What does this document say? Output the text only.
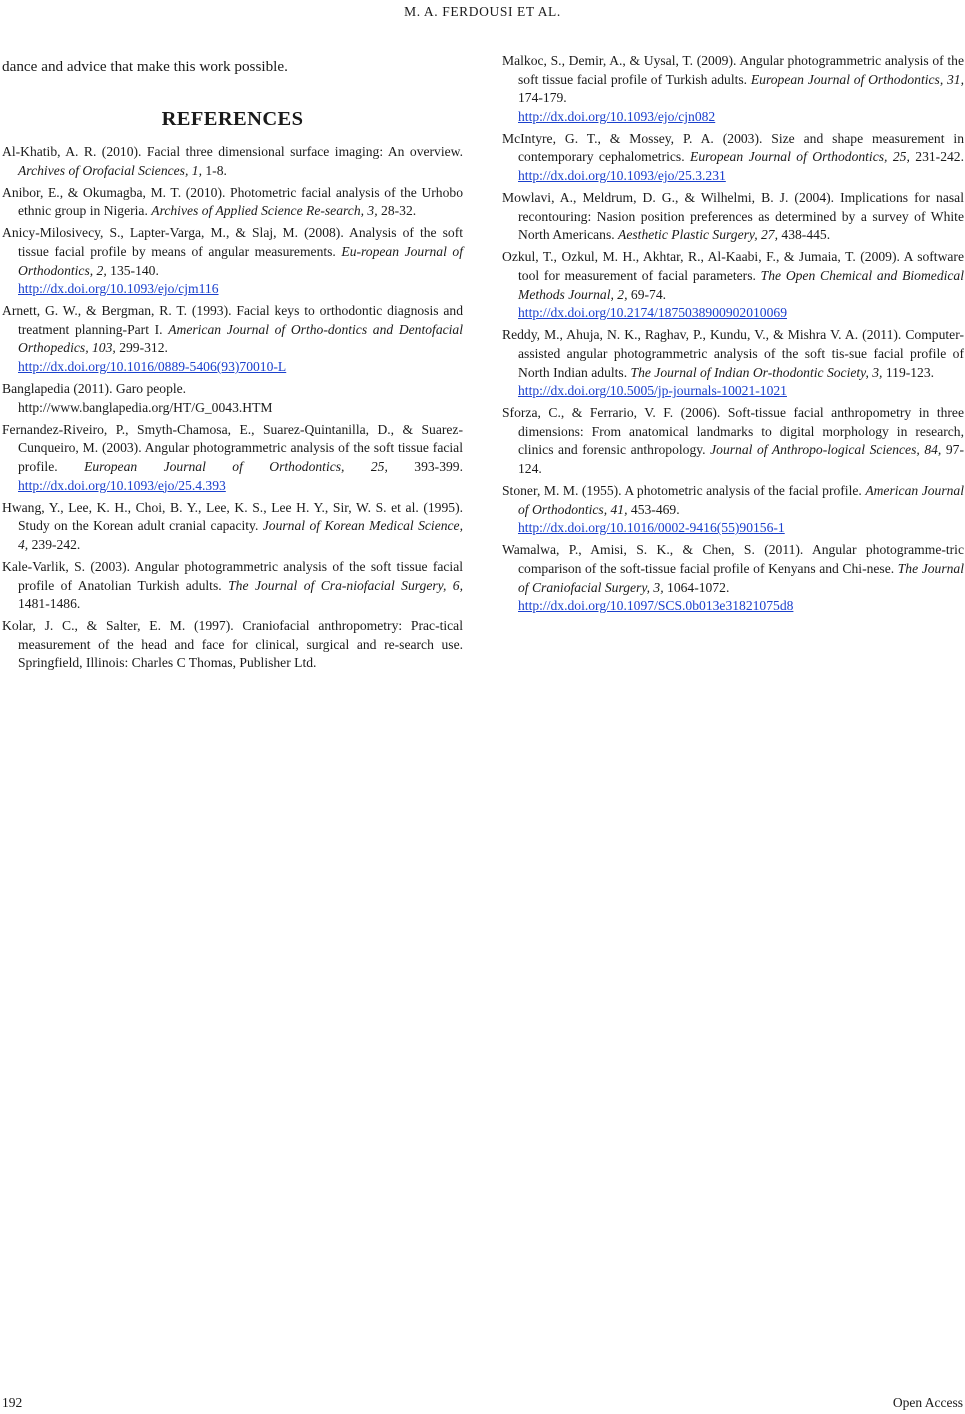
M. A. FERDOUSI ET AL.
dance and advice that make this work possible.
REFERENCES
Al-Khatib, A. R. (2010). Facial three dimensional surface imaging: An overview. Archives of Orofacial Sciences, 1, 1-8.
Anibor, E., & Okumagba, M. T. (2010). Photometric facial analysis of the Urhobo ethnic group in Nigeria. Archives of Applied Science Re-search, 3, 28-32.
Anicy-Milosivecy, S., Lapter-Varga, M., & Slaj, M. (2008). Analysis of the soft tissue facial profile by means of angular measurements. Eu-ropean Journal of Orthodontics, 2, 135-140.
http://dx.doi.org/10.1093/ejo/cjm116
Arnett, G. W., & Bergman, R. T. (1993). Facial keys to orthodontic diagnosis and treatment planning-Part I. American Journal of Ortho-dontics and Dentofacial Orthopedics, 103, 299-312.
http://dx.doi.org/10.1016/0889-5406(93)70010-L
Banglapedia (2011). Garo people.
http://www.banglapedia.org/HT/G_0043.HTM
Fernandez-Riveiro, P., Smyth-Chamosa, E., Suarez-Quintanilla, D., & Suarez-Cunqueiro, M. (2003). Angular photogrammetric analysis of the soft tissue facial profile. European Journal of Orthodontics, 25, 393-399. http://dx.doi.org/10.1093/ejo/25.4.393
Hwang, Y., Lee, K. H., Choi, B. Y., Lee, K. S., Lee H. Y., Sir, W. S. et al. (1995). Study on the Korean adult cranial capacity. Journal of Korean Medical Science, 4, 239-242.
Kale-Varlik, S. (2003). Angular photogrammetric analysis of the soft tissue facial profile of Anatolian Turkish adults. The Journal of Cra-niofacial Surgery, 6, 1481-1486.
Kolar, J. C., & Salter, E. M. (1997). Craniofacial anthropometry: Prac-tical measurement of the head and face for clinical, surgical and re-search use. Springfield, Illinois: Charles C Thomas, Publisher Ltd.
Malkoc, S., Demir, A., & Uysal, T. (2009). Angular photogrammetric analysis of the soft tissue facial profile of Turkish adults. European Journal of Orthodontics, 31, 174-179.
http://dx.doi.org/10.1093/ejo/cjn082
McIntyre, G. T., & Mossey, P. A. (2003). Size and shape measurement in contemporary cephalometrics. European Journal of Orthodontics, 25, 231-242. http://dx.doi.org/10.1093/ejo/25.3.231
Mowlavi, A., Meldrum, D. G., & Wilhelmi, B. J. (2004). Implications for nasal recontouring: Nasion position preferences as determined by a survey of White North Americans. Aesthetic Plastic Surgery, 27, 438-445.
Ozkul, T., Ozkul, M. H., Akhtar, R., Al-Kaabi, F., & Jumaia, T. (2009). A software tool for measurement of facial parameters. The Open Chemical and Biomedical Methods Journal, 2, 69-74.
http://dx.doi.org/10.2174/1875038900902010069
Reddy, M., Ahuja, N. K., Raghav, P., Kundu, V., & Mishra V. A. (2011). Computer-assisted angular photogrammetric analysis of the soft tis-sue facial profile of North Indian adults. The Journal of Indian Or-thodontic Society, 3, 119-123.
http://dx.doi.org/10.5005/jp-journals-10021-1021
Sforza, C., & Ferrario, V. F. (2006). Soft-tissue facial anthropometry in three dimensions: From anatomical landmarks to digital morphology in research, clinics and forensic anthropology. Journal of Anthropo-logical Sciences, 84, 97-124.
Stoner, M. M. (1955). A photometric analysis of the facial profile. American Journal of Orthodontics, 41, 453-469.
http://dx.doi.org/10.1016/0002-9416(55)90156-1
Wamalwa, P., Amisi, S. K., & Chen, S. (2011). Angular photogramme-tric comparison of the soft-tissue facial profile of Kenyans and Chi-nese. The Journal of Craniofacial Surgery, 3, 1064-1072.
http://dx.doi.org/10.1097/SCS.0b013e31821075d8
192	Open Access
